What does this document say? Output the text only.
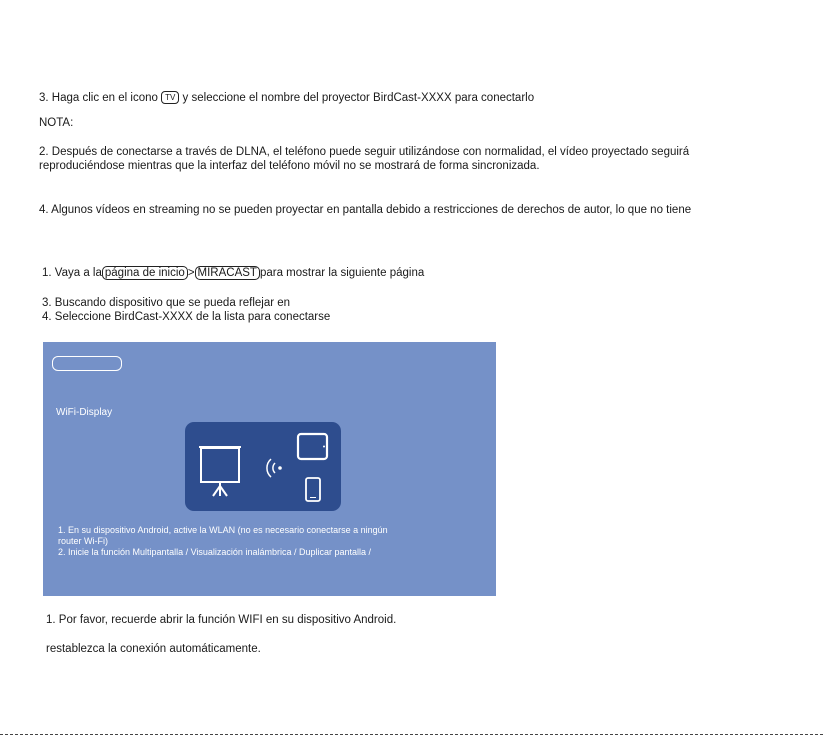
3. Haga clic en el icono TV y seleccione el nombre del proyector BirdCast-XXXX para conectarlo
NOTA:
2. Después de conectarse a través de DLNA, el teléfono puede seguir utilizándose con normalidad, el vídeo proyectado seguirá
reproduciéndose mientras que la interfaz del teléfono móvil no se mostrará de forma sincronizada.
4. Algunos vídeos en streaming no se pueden proyectar en pantalla debido a restricciones de derechos de autor, lo que no tiene
1. Vaya a la página de inicio > MIRACAST para mostrar la siguiente página
3. Buscando dispositivo que se pueda reflejar en
4. Seleccione BirdCast-XXXX de la lista para conectarse
WiFi-Display
1. En su dispositivo Android, active la WLAN (no es necesario conectarse a ningún
router Wi-Fi)
2. Inicie la función Multipantalla / Visualización inalámbrica / Duplicar pantalla /
1. Por favor, recuerde abrir la función WIFI en su dispositivo Android.
restablezca la conexión automáticamente.
